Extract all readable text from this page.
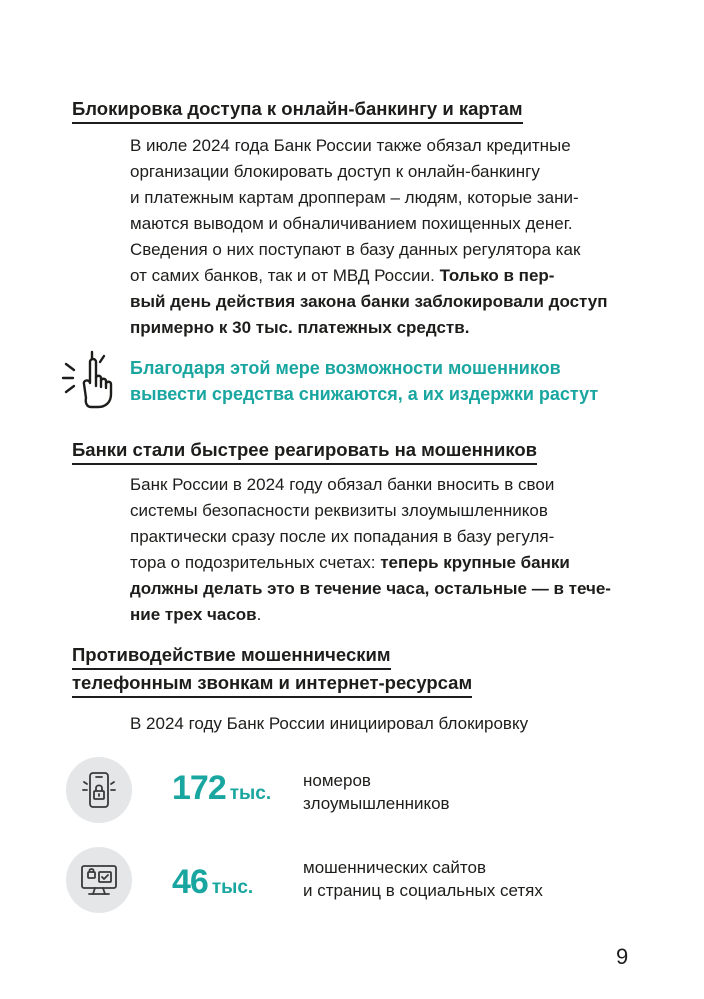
Блокировка доступа к онлайн-банкингу и картам

В июле 2024 года Банк России также обязал кредитные
организации блокировать доступ к онлайн-банкингу
и платежным картам дропперам – людям, которые зани-
маются выводом и обналичиванием похищенных денег.
Сведения о них поступают в базу данных регулятора как
от самих банков, так и от МВД России. Только в пер-
вый день действия закона банки заблокировали доступ
примерно к 30 тыс. платежных средств.

Благодаря этой мере возможности мошенников
вывести средства снижаются, а их издержки растут

Банки стали быстрее реагировать на мошенников

Банк России в 2024 году обязал банки вносить в свои
системы безопасности реквизиты злоумышленников
практически сразу после их попадания в базу регуля-
тора о подозрительных счетах: теперь крупные банки
должны делать это в течение часа, остальные — в тече-
ние трех часов.

Противодействие мошенническим
телефонным звонкам и интернет-ресурсам

В 2024 году Банк России инициировал блокировку

172 тыс.

номеров
злоумышленников

46 тыс.

мошеннических сайтов
и страниц в социальных сетях

9
